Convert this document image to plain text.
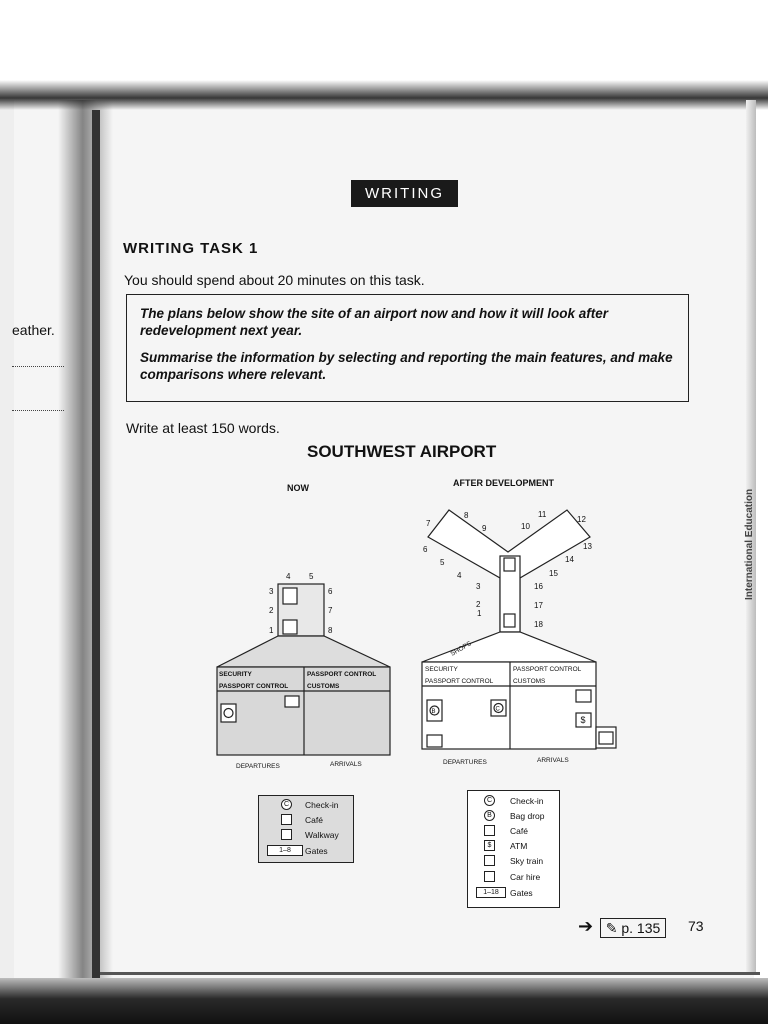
eather.
International Education
WRITING
WRITING TASK 1
You should spend about 20 minutes on this task.

The plans below show the site of an airport now and how it will look after redevelopment next year.

Summarise the information by selecting and reporting the main features, and make comparisons where relevant.

Write at least 150 words.
SOUTHWEST AIRPORT
NOW	AFTER DEVELOPMENT
3
2
1
4 5
6
7
8
SECURITY
PASSPORT CONTROL
PASSPORT CONTROL
CUSTOMS
DEPARTURES	ARRIVALS
B	C
$
1
2
3
4
5
6
7
8
9	10
11
12
13
14
15
16
17
18
SHOPS
SECURITY
PASSPORT CONTROL
PASSPORT CONTROL
CUSTOMS
DEPARTURES	ARRIVALS
C	Check-in
Café
Walkway
1–8	Gates
C	Check-in
B	Bag drop
Café
$	ATM
Sky train
Car hire
1–18	Gates
➔ ✎ p. 135	73
